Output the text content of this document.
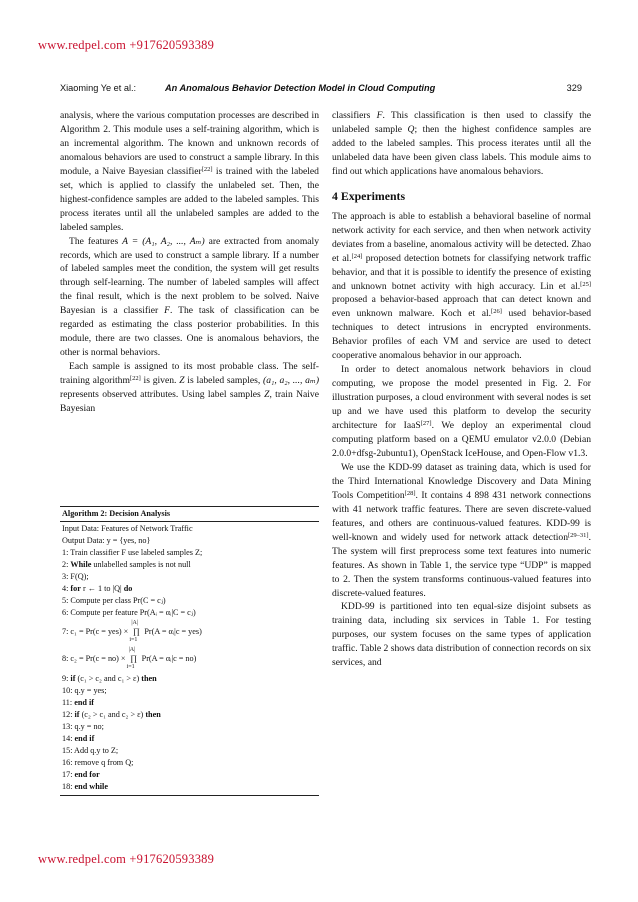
www.redpel.com +917620593389
Xiaoming Ye et al.:	An Anomalous Behavior Detection Model in Cloud Computing	329

analysis, where the various computation processes are described in Algorithm 2. This module uses a self-training algorithm, which is an incremental algorithm. The known and unknown records of anomalous behaviors are used to construct a sample library. In this module, a Naive Bayesian classifier[22] is trained with the labeled set, which is applied to classify the unlabeled set. Then, the highest-confidence samples are added to the labeled samples. This process iterates until all the unlabeled samples are added to the labeled samples.

The features A = (A₁, A₂, ..., Aₘ) are extracted from anomaly records, which are used to construct a sample library. If a number of labeled samples meet the condition, the system will get results through self-learning. The number of labeled samples will affect the final result, which is the next problem to be solved. Naive Bayesian is a classifier F. The task of classification can be regarded as estimating the class posterior probabilities. In this module, there are two classes. One is anomalous behaviors, the other is normal behaviors.

Each sample is assigned to its most probable class. The self-training algorithm[22] is given. Z is labeled samples, (a₁, a₂, ..., aₘ) represents observed attributes. Using label samples Z, train Naive Bayesian

Algorithm 2: Decision Analysis
Input Data: Features of Network Traffic
Output Data: y = {yes, no}
1: Train classifier F use labeled samples Z;
2: While unlabelled samples is not null
3: F(Q);
4: for r ← 1 to |Q| do
5: Compute per class Pr(C = cⱼ)
6: Compute per feature Pr(Aᵢ = αᵢ|C = cⱼ)
7: c₁ = Pr(c = yes) ×
|A|
∏
i=1
Pr(A = αᵢ|c = yes)
8: c₂ = Pr(c = no) ×
|A|
∏
i=1
Pr(A = αᵢ|c = no)
9: if (c₁ > c₂ and c₁ > ε) then
10: q.y = yes;
11: end if
12: if (c₂ > c₁ and c₂ > ε) then
13: q.y = no;
14: end if
15: Add q.y to Z;
16: remove q from Q;
17: end for
18: end while

classifiers F. This classification is then used to classify the unlabeled sample Q; then the highest confidence samples are added to the labeled samples. This process iterates until all the unlabeled data have been given class labels. This module aims to find out which applications have anomalous behaviors.

4 Experiments

The approach is able to establish a behavioral baseline of normal network activity for each service, and then when network activity deviates from a baseline, anomalous activity will be detected. Zhao et al.[24] proposed detection botnets for classifying network traffic behavior, and that it is possible to identify the presence of existing and unknown botnet activity with high accuracy. Lin et al.[25] proposed a behavior-based approach that can detect known and even unknown malware. Koch et al.[26] used behavior-based techniques to detect intrusions in encrypted environments. Behavior profiles of each VM and service are used to detect cooperative anomalous behavior in our approach.

In order to detect anomalous network behaviors in cloud computing, we propose the model presented in Fig. 2. For illustration purposes, a cloud environment with several nodes is set up and we have used this platform to develop the security architecture for IaaS[27]. We deploy an experimental cloud computing platform based on a QEMU emulator v2.0.0 (Debian 2.0.0+dfsg-2ubuntu1), OpenStack IceHouse, and Open-Flow v1.3.

We use the KDD-99 dataset as training data, which is used for the Third International Knowledge Discovery and Data Mining Tools Competition[28]. It contains 4 898 431 network connections with 41 network traffic features. There are seven discrete-valued features, and others are continuous-valued features. KDD-99 is well-known and widely used for network attack detection[29–31]. The system will first preprocess some text features into numeric features. As shown in Table 1, the service type “UDP” is mapped to 2. Then the system transforms continuous-valued features into discrete-valued features.

KDD-99 is partitioned into ten equal-size disjoint subsets as training data, including six services in Table 1. For testing purposes, our system focuses on the same types of application traffic. Table 2 shows data distribution of connection records on six services, and

www.redpel.com +917620593389
